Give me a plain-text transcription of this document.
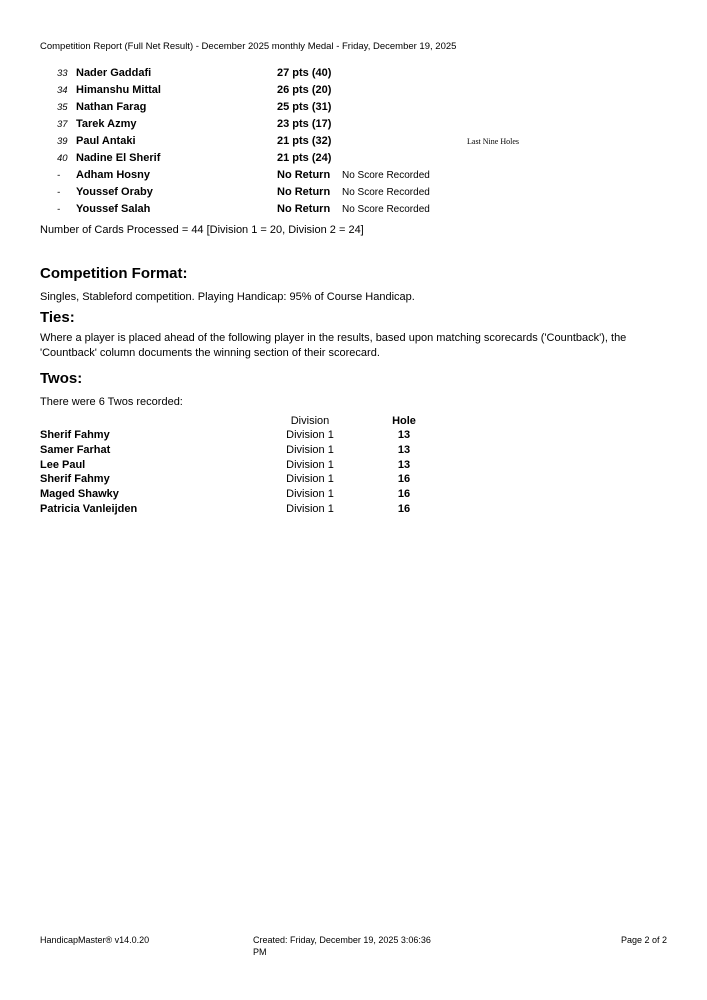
Competition Report (Full Net Result) - December 2025 monthly Medal - Friday, December 19, 2025
33 Nader Gaddafi	27 pts (40)
34 Himanshu Mittal	26 pts (20)
35 Nathan Farag	25 pts (31)
37 Tarek Azmy	23 pts (17)
39 Paul Antaki	21 pts (32)	Last Nine Holes
40 Nadine El Sherif	21 pts (24)
- Adham Hosny	No Return No Score Recorded
- Youssef Oraby	No Return No Score Recorded
- Youssef Salah	No Return No Score Recorded
Number of Cards Processed = 44 [Division 1 = 20, Division 2 = 24]
Competition Format:
Singles, Stableford competition. Playing Handicap: 95% of Course Handicap.
Ties:
Where a player is placed ahead of the following player in the results, based upon matching scorecards ('Countback'), the 'Countback' column documents the winning section of their scorecard.
Twos:
There were 6 Twos recorded:
Division	Hole
Sherif Fahmy	Division 1	13
Samer Farhat	Division 1	13
Lee Paul	Division 1	13
Sherif Fahmy	Division 1	16
Maged Shawky	Division 1	16
Patricia Vanleijden	Division 1	16
HandicapMaster® v14.0.20	Created: Friday, December 19, 2025 3:06:36 PM
Page 2 of 2
